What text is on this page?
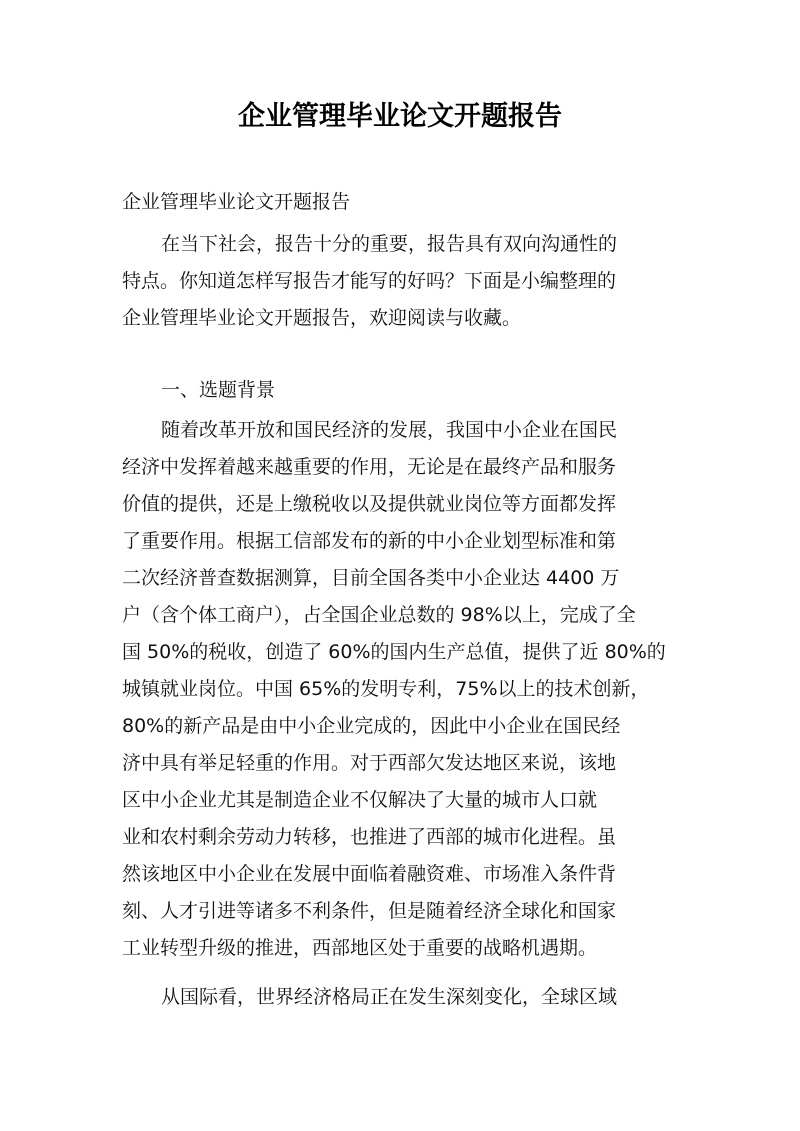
企业管理毕业论文开题报告
企业管理毕业论文开题报告
在当下社会，报告十分的重要，报告具有双向沟通性的
特点。你知道怎样写报告才能写的好吗？下面是小编整理的
企业管理毕业论文开题报告，欢迎阅读与收藏。
一、选题背景
随着改革开放和国民经济的发展，我国中小企业在国民
经济中发挥着越来越重要的作用，无论是在最终产品和服务
价值的提供，还是上缴税收以及提供就业岗位等方面都发挥
了重要作用。根据工信部发布的新的中小企业划型标准和第
二次经济普查数据测算，目前全国各类中小企业达 4400 万
户（含个体工商户），占全国企业总数的 98%以上，完成了全
国 50%的税收，创造了 60%的国内生产总值，提供了近 80%的
城镇就业岗位。中国 65%的发明专利，75%以上的技术创新，
80%的新产品是由中小企业完成的，因此中小企业在国民经
济中具有举足轻重的作用。对于西部欠发达地区来说，该地
区中小企业尤其是制造企业不仅解决了大量的城市人口就
业和农村剩余劳动力转移，也推进了西部的城市化进程。虽
然该地区中小企业在发展中面临着融资难、市场准入条件背
刻、人才引进等诸多不利条件，但是随着经济全球化和国家
工业转型升级的推进，西部地区处于重要的战略机遇期。
从国际看，世界经济格局正在发生深刻变化，全球区域
